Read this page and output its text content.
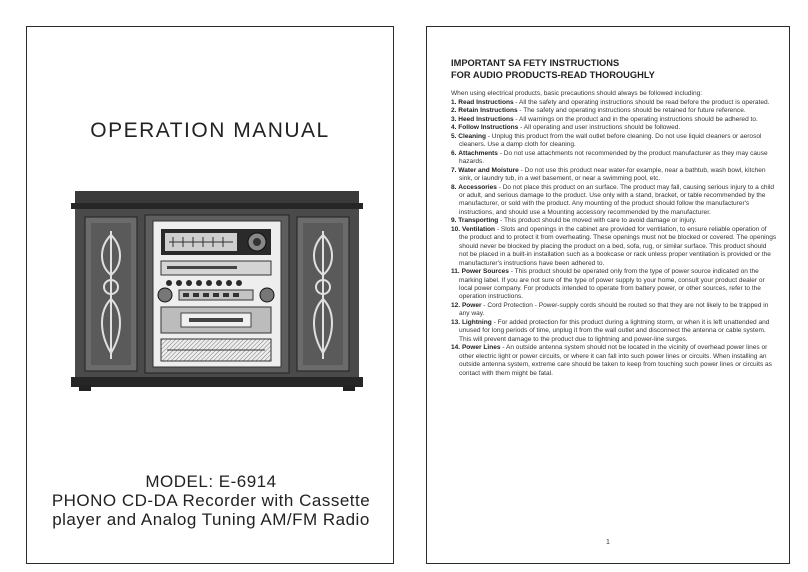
OPERATION MANUAL
MODEL: E-6914
PHONO CD-DA Recorder with Cassette
player and Analog Tuning AM/FM Radio
IMPORTANT SA FETY INSTRUCTIONS
FOR AUDIO PRODUCTS-READ THOROUGHLY
When using electrical products, basic precautions should always be followed including:
1. Read Instructions - All the safety and operating instructions should be read before the product is operated.
2. Retain Instructions - The safety and operating instructions should be retained for future reference.
3. Heed Instructions - All warnings on the product and in the operating instructions should be adhered to.
4. Follow Instructions - All operating and user instructions should be followed.
5. Cleaning - Unplug this product from the wall outlet before cleaning. Do not use liquid cleaners or aerosol cleaners. Use a damp cloth for cleaning.
6. Attachments - Do not use attachments not recommended by the product manufacturer as they may cause hazards.
7. Water and Moisture - Do not use this product near water-for example, near a bathtub, wash bowl, kitchen sink, or laundry tub, in a wet basement, or near a swimming pool, etc.
8. Accessories - Do not place this product on an surface. The product may fall, causing serious injury to a child or adult, and serious damage to the product. Use only with a stand, bracket, or table recommended by the manufacturer, or sold with the product. Any mounting of the product should follow the manufacturer's instructions, and should use a Mounting accessory recommended by the manufacturer.
9. Transporting - This product should be moved with care to avoid damage or injury.
10. Ventilation - Slots and openings in the cabinet are provided for ventilation, to ensure reliable operation of the product and to protect it from overheating. These openings must not be blocked or covered. The openings should never be blocked by placing the product on a bed, sofa, rug, or similar surface. This product should not be placed in a built-in installation such as a bookcase or rack unless proper ventilation is provided or the manufacturer's instructions have been adhered to.
11. Power Sources - This product should be operated only from the type of power source indicated on the marking label. If you are not sure of the type of power supply to your home, consult your product dealer or local power company. For products intended to operate from battery power, or other sources, refer to the operation instructions.
12. Power - Cord Protection - Power-supply cords should be routed so that they are not likely to be trapped in any way.
13. Lightning - For added protection for this product during a lightning storm, or when it is left unattended and unused for long periods of time, unplug it from the wall outlet and disconnect the antenna or cable system. This will prevent damage to the product due to lightning and power-line surges.
14. Power Lines - An outside antenna system should not be located in the vicinity of overhead power lines or other electric light or power circuits, or where it can fall into such power lines or circuits. When installing an outside antenna system, extreme care should be taken to keep from touching such power lines or circuits as contact with them might be fatal.
1
